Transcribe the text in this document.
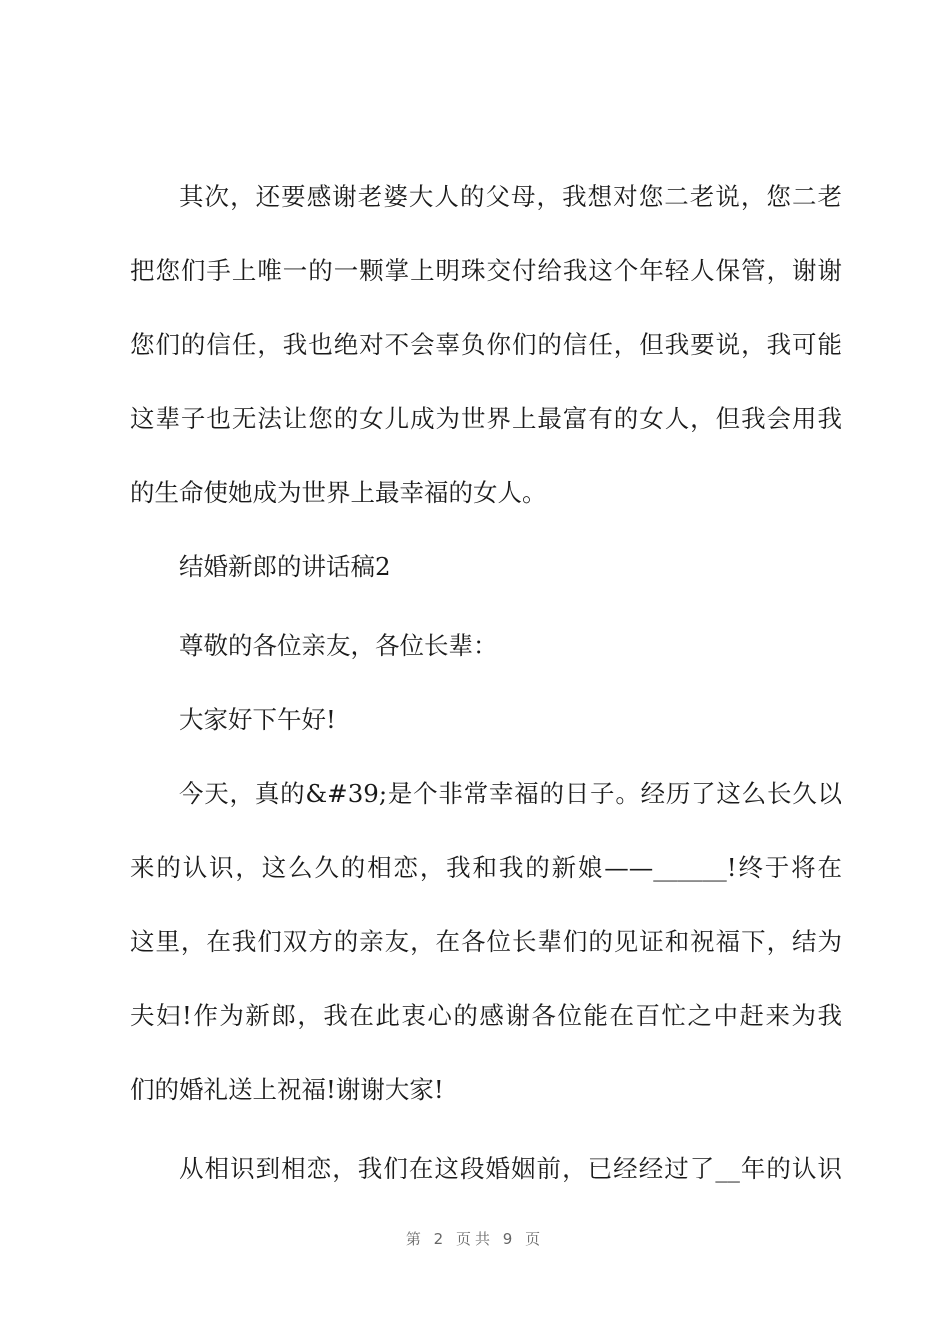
其次，还要感谢老婆大人的父母，我想对您二老说，您二老
把您们手上唯一的一颗掌上明珠交付给我这个年轻人保管，谢谢
您们的信任，我也绝对不会辜负你们的信任，但我要说，我可能
这辈子也无法让您的女儿成为世界上最富有的女人，但我会用我
的生命使她成为世界上最幸福的女人。
结婚新郎的讲话稿2
尊敬的各位亲友，各位长辈：
大家好下午好!
今天，真的&#39;是个非常幸福的日子。经历了这么长久以
来的认识，这么久的相恋，我和我的新娘——______!终于将在
这里，在我们双方的亲友，在各位长辈们的见证和祝福下，结为
夫妇!作为新郎，我在此衷心的感谢各位能在百忙之中赶来为我
们的婚礼送上祝福!谢谢大家!
从相识到相恋，我们在这段婚姻前，已经经过了__年的认识
第 2 页共 9 页
